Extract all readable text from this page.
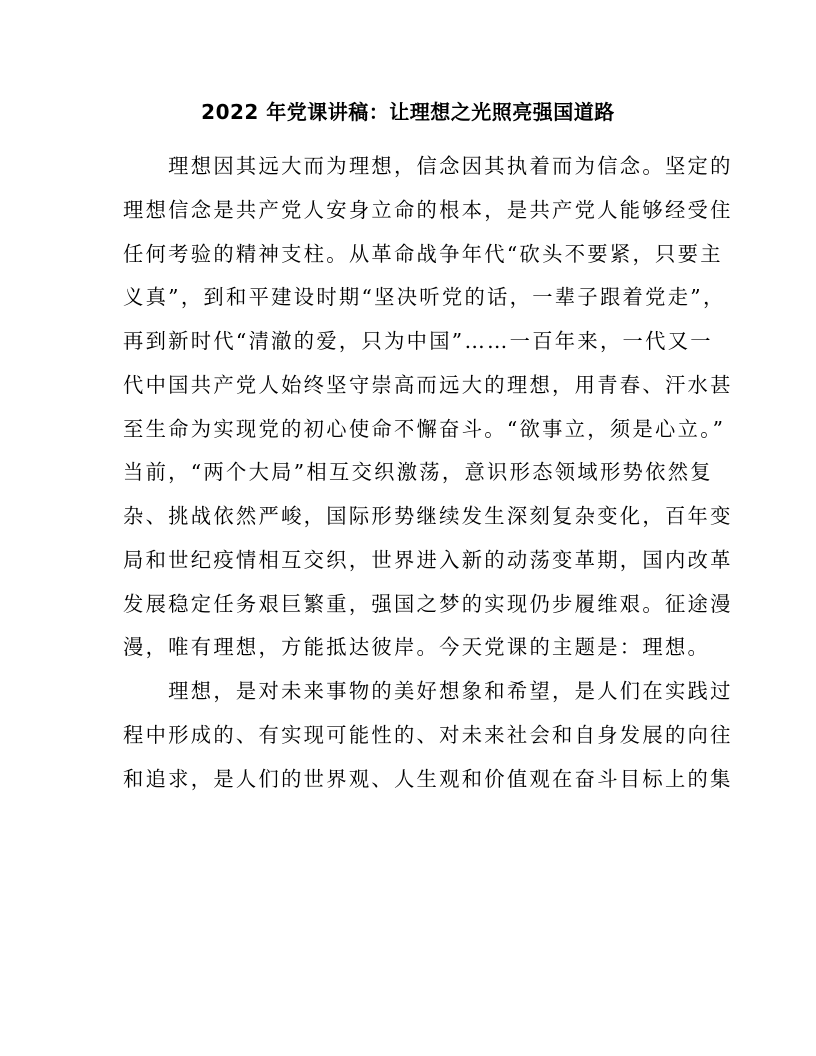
2022 年党课讲稿：让理想之光照亮强国道路
　　理想因其远大而为理想，信念因其执着而为信念。坚定的
理想信念是共产党人安身立命的根本，是共产党人能够经受住
任何考验的精神支柱。从革命战争年代“砍头不要紧，只要主
义真”，到和平建设时期“坚决听党的话，一辈子跟着党走”，
再到新时代“清澈的爱，只为中国”……一百年来，一代又一
代中国共产党人始终坚守崇高而远大的理想，用青春、汗水甚
至生命为实现党的初心使命不懈奋斗。“欲事立，须是心立。”
当前，“两个大局”相互交织激荡，意识形态领域形势依然复
杂、挑战依然严峻，国际形势继续发生深刻复杂变化，百年变
局和世纪疫情相互交织，世界进入新的动荡变革期，国内改革
发展稳定任务艰巨繁重，强国之梦的实现仍步履维艰。征途漫
漫，唯有理想，方能抵达彼岸。今天党课的主题是：理想。
　　理想，是对未来事物的美好想象和希望，是人们在实践过
程中形成的、有实现可能性的、对未来社会和自身发展的向往
和追求，是人们的世界观、人生观和价值观在奋斗目标上的集
